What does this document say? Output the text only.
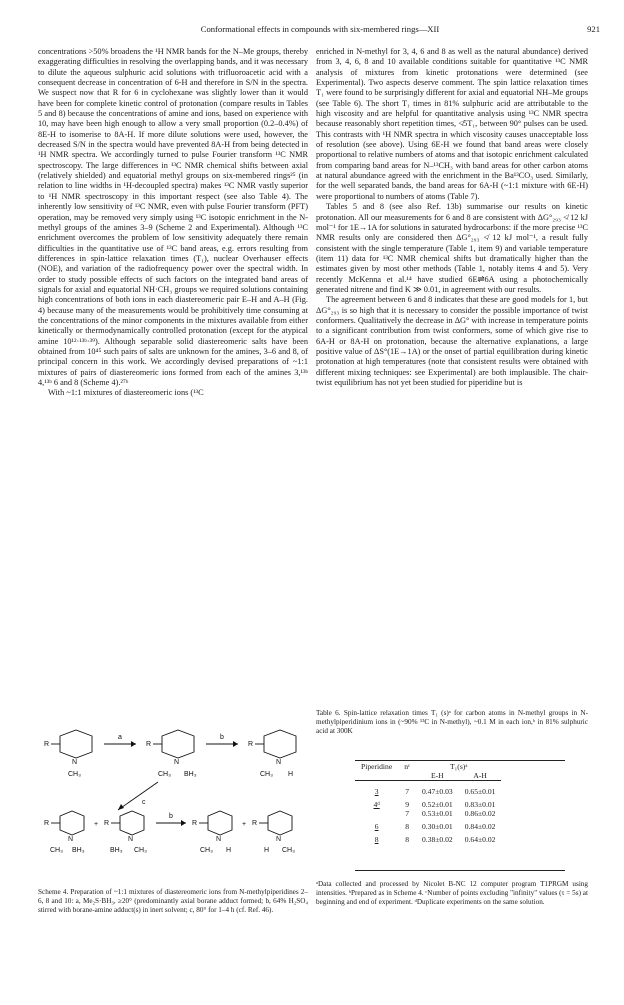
Conformational effects in compounds with six-membered rings—XII	921

concentrations >50% broadens the ¹H NMR bands for the N–Me groups, thereby exaggerating difficulties in resolving the overlapping bands, and it was necessary to dilute the aqueous sulphuric acid solutions with trifluoroacetic acid with a consequent decrease in concentration of 6-H and therefore in S/N in the spectra. We suspect now that R for 6 in cyclohexane was slightly lower than it would have been for complete kinetic control of protonation (compare results in Tables 5 and 8) because the concentrations of amine and ions, based on experience with 10, may have been high enough to allow a very small proportion (0.2–0.4%) of 8E-H to isomerise to 8A-H. If more dilute solutions were used, however, the decreased S/N in the spectra would have prevented 8A-H from being detected in ¹H NMR spectra. We accordingly turned to pulse Fourier transform ¹³C NMR spectroscopy. The large differences in ¹³C NMR chemical shifts between axial (relatively shielded) and equatorial methyl groups on six-membered rings²⁵ (in relation to line widths in ¹H-decoupled spectra) makes ¹³C NMR vastly superior to ¹H NMR spectroscopy in this important respect (see also Table 4). The inherently low sensitivity of ¹³C NMR, even with pulse Fourier transform (PFT) operation, may be removed very simply using ¹³C isotopic enrichment in the N-methyl groups of the amines 3–9 (Scheme 2 and Experimental). Although ¹³C enrichment overcomes the problem of low sensitivity adequately there remain difficulties in the quantitative use of ¹³C band areas, e.g. errors resulting from differences in spin-lattice relaxation times (T₁), nuclear Overhauser effects (NOE), and variation of the radiofrequency power over the spectral width. In order to study possible effects of such factors on the integrated band areas of signals for axial and equatorial NH·CH₃ groups we required solutions containing high concentrations of both ions in each diastereomeric pair E–H and A–H (Fig. 4) because many of the measurements would be prohibitively time consuming at the concentrations of the minor components in the mixtures available from either kinetically or thermodynamically controlled protonation (except for the atypical amine 10¹²·¹³ᵇ·³⁹). Although separable solid diastereomeric salts have been obtained from 10⁴⁵ such pairs of salts are unknown for the amines, 3–6 and 8, of principal concern in this work. We accordingly devised preparations of ~1:1 mixtures of pairs of diastereomeric ions formed from each of the amines 3,¹³ᵇ 4,¹³ᵇ 6 and 8 (Scheme 4).²⁷ᵇ

With ~1:1 mixtures of diastereomeric ions (¹³C

enriched in N-methyl for 3, 4, 6 and 8 as well as the natural abundance) derived from 3, 4, 6, 8 and 10 available conditions suitable for quantitative ¹³C NMR analysis of mixtures from kinetic protonations were determined (see Experimental). Two aspects deserve comment. The spin lattice relaxation times T₁ were found to be surprisingly different for axial and equatorial NH–Me groups (see Table 6). The short T₁ times in 81% sulphuric acid are attributable to the high viscosity and are helpful for quantitative analysis using ¹³C NMR spectra because reasonably short repetition times, ≮5T₁, between 90° pulses can be used. This contrasts with ¹H NMR spectra in which viscosity causes unacceptable loss of resolution (see above). Using 6E-H we found that band areas were closely proportional to relative numbers of atoms and that isotopic enrichment calculated from comparing band areas for N–¹³CH₃ with band areas for other carbon atoms at natural abundance agreed with the enrichment in the Ba¹³CO₃ used. Similarly, for the well separated bands, the band areas for 6A-H (~1:1 mixture with 6E-H) were proportional to numbers of atoms (Table 7).

Tables 5 and 8 (see also Ref. 13b) summarise our results on kinetic protonation. All our measurements for 6 and 8 are consistent with ΔG°₂₉₃ ≮ 12 kJ mol⁻¹ for 1E→1A for solutions in saturated hydrocarbons: if the more precise ¹³C NMR results only are considered then ΔG°₂₉₃ ≮ 12 kJ mol⁻¹, a result fully consistent with the single temperature (Table 1, item 9) and variable temperature (item 11) data for ¹³C NMR chemical shifts but dramatically higher than the estimates given by most other methods (Table 1, notably items 4 and 5). Very recently McKenna et al.¹⁴ have studied 6E⇌6A using a photochemically generated nitrene and find K ≫ 0.01, in agreement with our results.

The agreement between 6 and 8 indicates that these are good models for 1, but ΔG°₂₉₃ is so high that it is necessary to consider the possible importance of twist conformers. Qualitatively the decrease in ΔG° with increase in temperature points to a significant contribution from twist conformers, some of which give rise to 6A-H or 8A-H on protonation, because the alternative explanations, a large positive value of ΔS°(1E→1A) or the onset of partial equilibration during kinetic protonation at high temperatures (note that consistent results were obtained with different mixing techniques: see Experimental) are both implausible. The chair-twist equilibrium has not yet been studied for piperidine but is

R
N
CH₃
a
R
N
CH₃ BH₃
b
R
N
CH₃ H
c
R
N
CH₃ BH₃
+ R
N
BH₃ CH₃
b
R
N
CH₃ H
+ R
N
H CH₃
Scheme 4. Preparation of ~1:1 mixtures of diastereomeric ions from N-methylpiperidines 2–6, 8 and 10: a, Me₂S·BH₃, ≥20° (predominantly axial borane adduct formed; b, 64% H₂SO₄ stirred with borane-amine adduct(s) in inert solvent; c, 80° for 1–4 h (cf. Ref. 46).
Table 6. Spin-lattice relaxation times T₁ (s)ᵃ for carbon atoms in N-methyl groups in N-methylpiperidinium ions in (~90% ¹³C in N-methyl), ~0.1 M in each ion,ᵇ in 81% sulphuric acid at 300K
Piperidine	nᶜ	T₁(s)ᵃ	
		E-H	A-H

3	7	0.47±0.03	0.65±0.01

4ᵈ	9	0.52±0.01	0.83±0.01
	7	0.53±0.01	0.86±0.02

6	8	0.30±0.01	0.84±0.02

8	8	0.38±0.02	0.64±0.02
ᵃData collected and processed by Nicolet B-NC 12 computer program T1PRGM using intensities. ᵇPrepared as in Scheme 4. ᶜNumber of points excluding "infinity" values (τ = 5s) at beginning and end of experiment. ᵈDuplicate experiments on the same solution.
